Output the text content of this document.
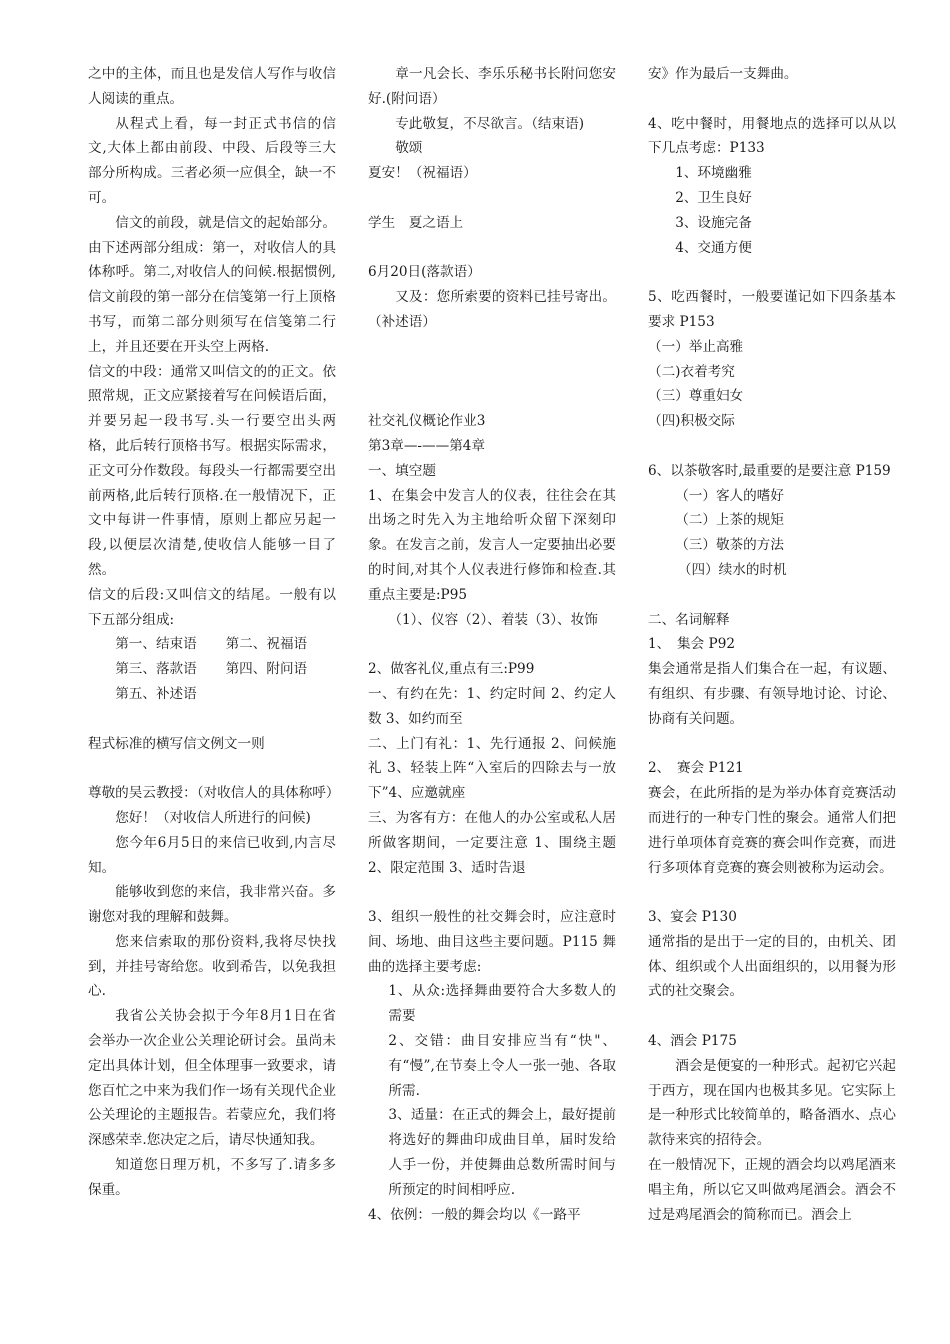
之中的主体，而且也是发信人写作与收信人阅读的重点。

从程式上看，每一封正式书信的信文,大体上都由前段、中段、后段等三大部分所构成。三者必须一应俱全，缺一不可。

信文的前段，就是信文的起始部分。由下述两部分组成：第一，对收信人的具体称呼。第二,对收信人的问候.根据惯例,信文前段的第一部分在信笺第一行上顶格书写，而第二部分则须写在信笺第二行上，并且还要在开头空上两格.

信文的中段：通常又叫信文的的正文。依照常规，正文应紧接着写在问候语后面，并要另起一段书写.头一行要空出头两格，此后转行顶格书写。根据实际需求，正文可分作数段。每段头一行都需要空出前两格,此后转行顶格.在一般情况下，正文中每讲一件事情，原则上都应另起一段,以便层次清楚,使收信人能够一目了然。

信文的后段:又叫信文的结尾。一般有以下五部分组成:

第一、结束语	第二、祝福语
第三、落款语	第四、附问语
第五、补述语

程式标准的横写信文例文一则

尊敬的吴云教授：（对收信人的具体称呼）

您好！（对收信人所进行的问候)

您今年6月5日的来信已收到,内言尽知。

能够收到您的来信，我非常兴奋。多谢您对我的理解和鼓舞。

您来信索取的那份资料,我将尽快找到，并挂号寄给您。收到希告，以免我担心.

我省公关协会拟于今年8月1日在省会举办一次企业公关理论研讨会。虽尚未定出具体计划，但全体理事一致要求，请您百忙之中来为我们作一场有关现代企业公关理论的主题报告。若蒙应允，我们将深感荣幸.您决定之后，请尽快通知我。

知道您日理万机，不多写了.请多多保重。

章一凡会长、李乐乐秘书长附问您安好.(附问语）

专此敬复，不尽欲言。（结束语)

敬颂

夏安！（祝福语）

学生　夏之语上

6月20日(落款语）

又及：您所索要的资料已挂号寄出。（补述语）

社交礼仪概论作业3

第3章—-——第4章

一、填空题

1、在集会中发言人的仪表，往往会在其出场之时先入为主地给听众留下深刻印象。在发言之前，发言人一定要抽出必要的时间,对其个人仪表进行修饰和检查.其重点主要是:P95

（1）、仪容（2）、着装（3）、妆饰

2、做客礼仪,重点有三:P99

一、有约在先：1、约定时间 2、约定人数 3、如约而至

二、上门有礼：1、先行通报 2、问候施礼 3、轻装上阵“入室后的四除去与一放下”4、应邀就座

三、为客有方：在他人的办公室或私人居所做客期间，一定要注意 1、围绕主题 2、限定范围 3、适时告退

3、组织一般性的社交舞会时，应注意时间、场地、曲目这些主要问题。P115 舞曲的选择主要考虑:

1、从众:选择舞曲要符合大多数人的需要

2、交错：曲目安排应当有“快"、有“慢”,在节奏上令人一张一弛、各取所需.

3、适量：在正式的舞会上，最好提前将选好的舞曲印成曲目单，届时发给人手一份，并使舞曲总数所需时间与所预定的时间相呼应.

4、依例：一般的舞会均以《一路平

安》作为最后一支舞曲。

4、吃中餐时，用餐地点的选择可以从以下几点考虑：P133

1、环境幽雅

2、卫生良好

3、设施完备

4、交通方便

5、吃西餐时，一般要谨记如下四条基本要求 P153

（一）举止高雅

（二)衣着考究

（三）尊重妇女

（四)积极交际

6、以茶敬客时,最重要的是要注意 P159

（一）客人的嗜好

（二）上茶的规矩

（三）敬茶的方法

（四）续水的时机

二、名词解释

1、　集会 P92

集会通常是指人们集合在一起，有议题、有组织、有步骤、有领导地讨论、讨论、协商有关问题。

2、　赛会 P121

赛会，在此所指的是为举办体育竞赛活动而进行的一种专门性的聚会。通常人们把进行单项体育竞赛的赛会叫作竞赛，而进行多项体育竞赛的赛会则被称为运动会。

3、宴会 P130

通常指的是出于一定的目的，由机关、团体、组织或个人出面组织的，以用餐为形式的社交聚会。

4、酒会 P175

酒会是便宴的一种形式。起初它兴起于西方，现在国内也极其多见。它实际上是一种形式比较简单的，略备酒水、点心款待来宾的招待会。

在一般情况下，正规的酒会均以鸡尾酒来唱主角，所以它又叫做鸡尾酒会。酒会不过是鸡尾酒会的简称而已。酒会上
